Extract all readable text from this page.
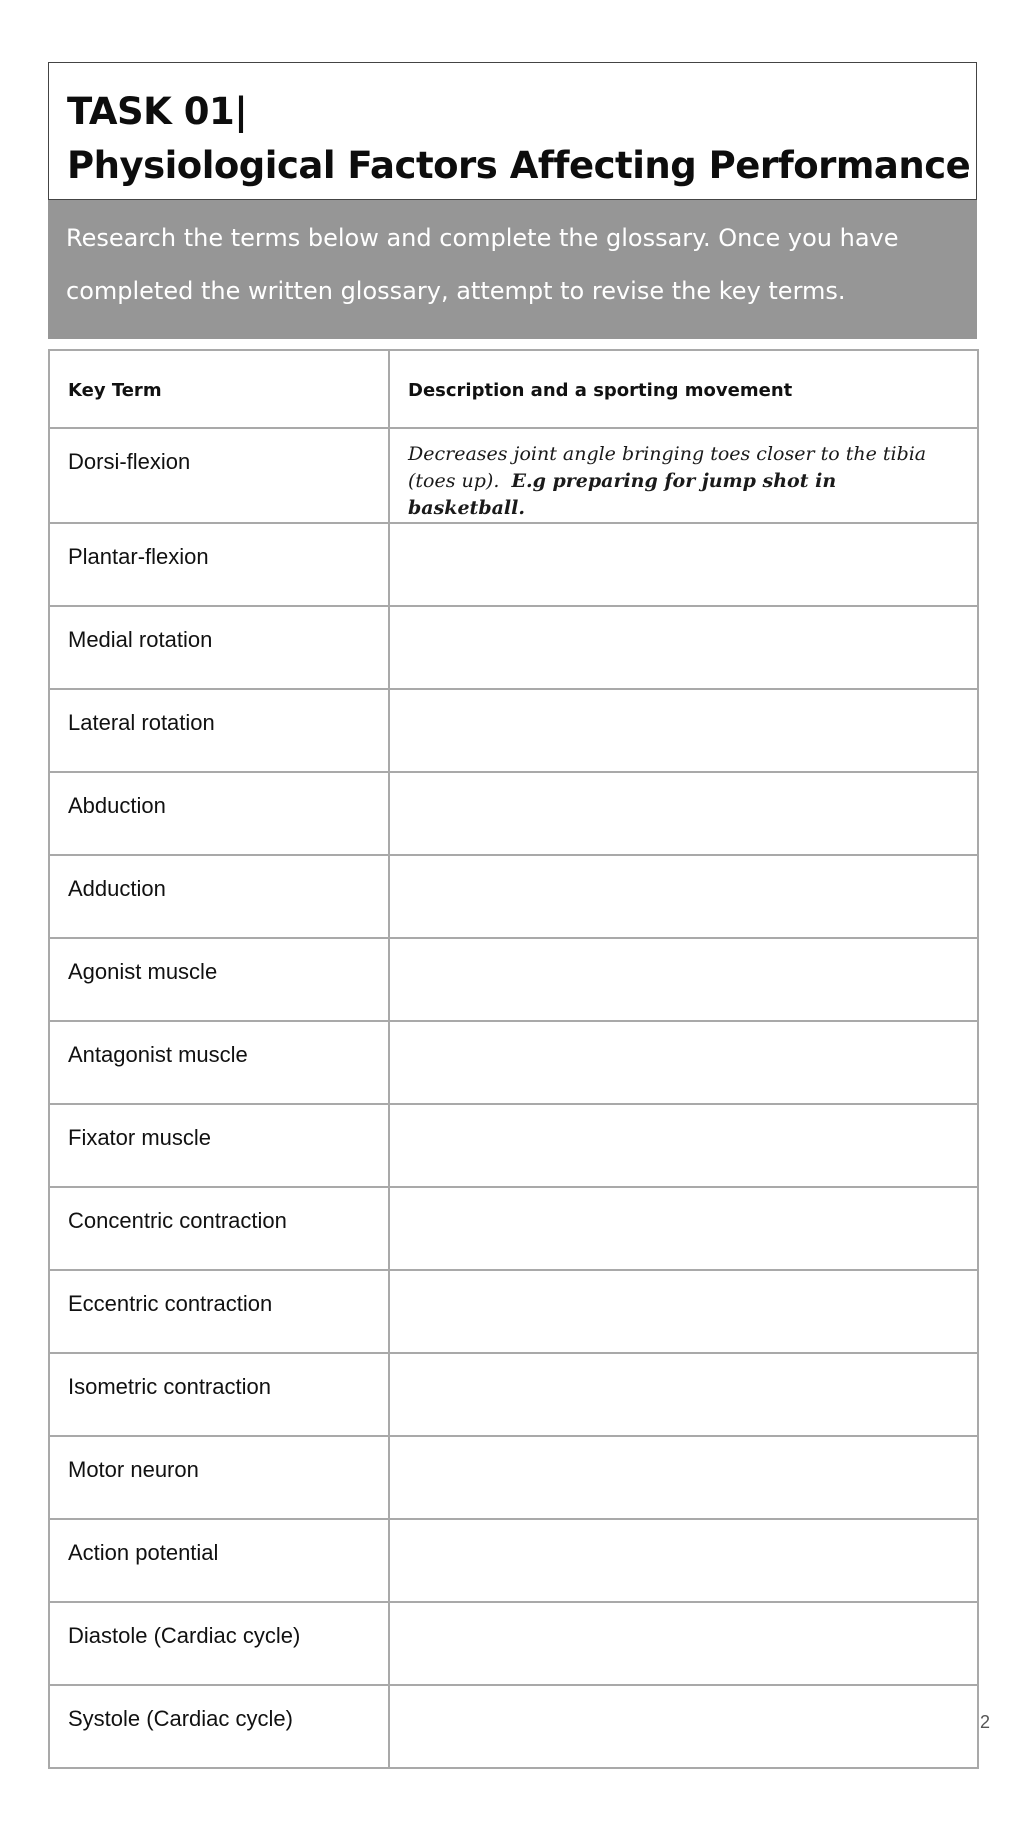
TASK 01|
Physiological Factors Affecting Performance
Research the terms below and complete the glossary. Once you have
completed the written glossary, attempt to revise the key terms.
Key Term	Description and a sporting movement

Dorsi-flexion	Decreases joint angle bringing toes closer to the tibia
(toes up). E.g preparing for jump shot in basketball.

Plantar-flexion	

Medial rotation	

Lateral rotation	

Abduction	

Adduction	

Agonist muscle	

Antagonist muscle	

Fixator muscle	

Concentric contraction	

Eccentric contraction	

Isometric contraction	

Motor neuron	

Action potential	

Diastole (Cardiac cycle)	

Systole (Cardiac cycle)	
		2
